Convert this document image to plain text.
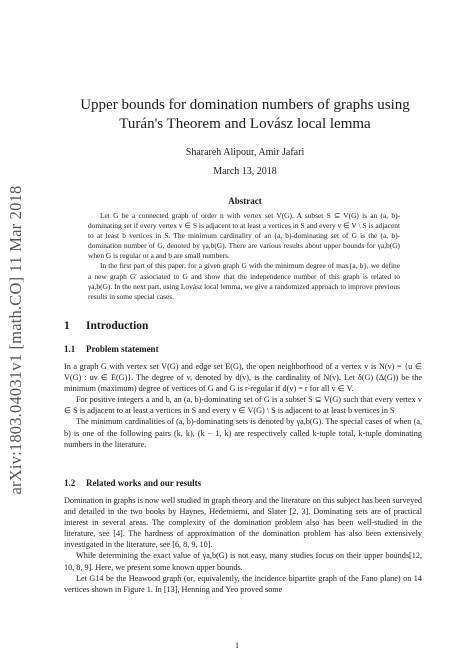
arXiv:1803.04031v1 [math.CO] 11 Mar 2018
Upper bounds for domination numbers of graphs using
Turán's Theorem and Lovász local lemma
Sharareh Alipour, Amir Jafari
March 13, 2018
Abstract

Let G be a connected graph of order n with vertex set V(G). A subset S ⊆ V(G) is an (a, b)-dominating set if every vertex v ∈ S is adjacent to at least a vertices in S and every v ∈ V \ S is adjacent to at least b vertices in S. The minimum cardinality of an (a, b)-dominating set of G is the (a, b)-domination number of G, denoted by γa,b(G). There are various results about upper bounds for γa,b(G) when G is regular or a and b are small numbers.

In the first part of this paper, for a given graph G with the minimum degree of max{a, b}, we define a new graph G′ associated to G and show that the independence number of this graph is related to γa,b(G). In the next part, using Lovász local lemma, we give a randomized approach to improve previous results in some special cases.

1 Introduction
1.1 Problem statement

In a graph G with vertex set V(G) and edge set E(G), the open neighborhood of a vertex v is N(v) = {u ∈ V(G) : uv ∈ E(G)}. The degree of v, denoted by d(v), is the cardinality of N(v). Let δ(G) (Δ(G)) be the minimum (maximum) degree of vertices of G and G is r-regular if d(v) = r for all v ∈ V.

For positive integers a and b, an (a, b)-dominating set of G is a subset S ⊆ V(G) such that every vertex v ∈ S is adjacent to at least a vertices in S and every v ∈ V(G) \ S is adjacent to at least b vertices in S

The minimum cardinalities of (a, b)-dominating sets is denoted by γa,b(G). The special cases of when (a, b) is one of the following pairs (k, k), (k − 1, k) are respectively called k-tuple total, k-tuple dominating numbers in the literature.

1.2 Related works and our results

Domination in graphs is now well studied in graph theory and the literature on this subject has been surveyed and detailed in the two books by Haynes, Hedetniemi, and Slater [2, 3]. Dominating sets are of practical interest in several areas. The complexity of the domination problem also has been well-studied in the literature, see [4]. The hardness of approximation of the domination problem has also been extensively investigated in the literature, see [6, 8, 9, 10].

While determining the exact value of γa,b(G) is not easy, many studies focus on their upper bounds[12, 10, 8, 9]. Here, we present some known upper bounds.

Let G14 be the Heawood graph (or, equivalently, the incidence bipartite graph of the Fano plane) on 14 vertices shown in Figure 1. In [13], Henning and Yeo proved some

1
